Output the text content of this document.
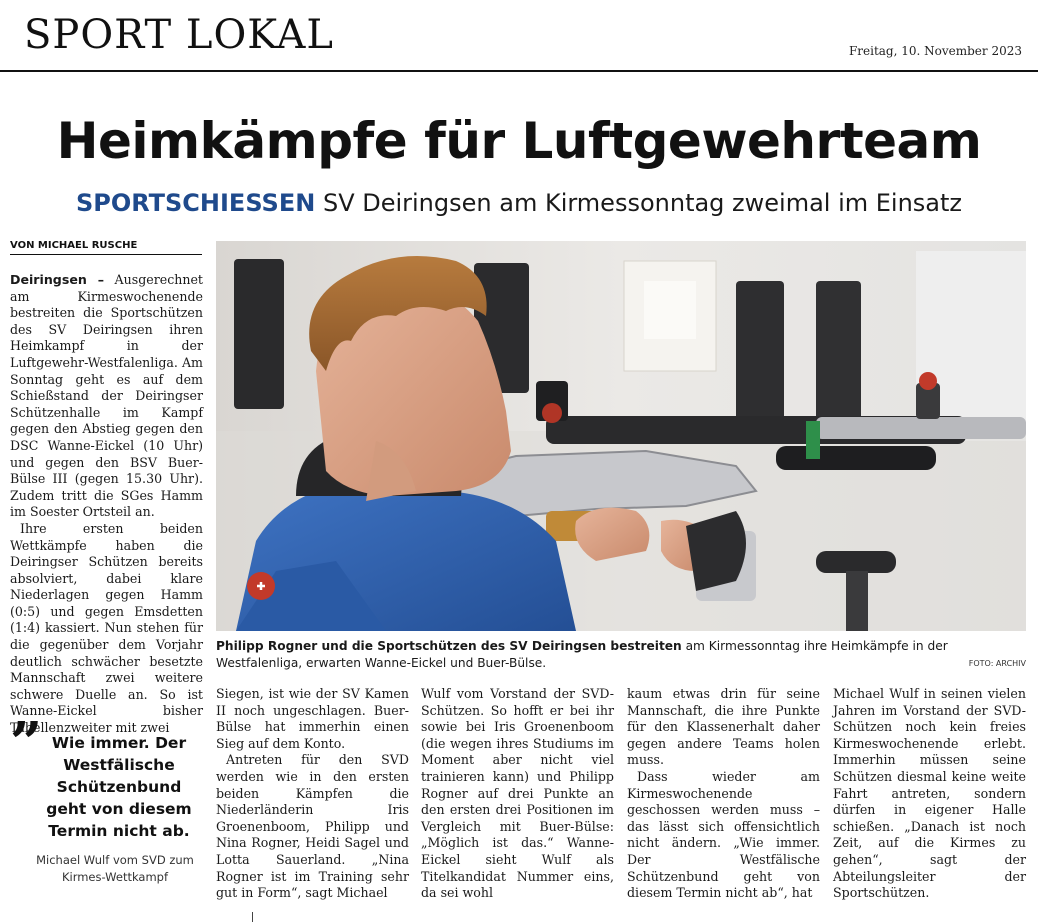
SPORT LOKAL	Freitag, 10. November 2023
Heimkämpfe für Luftgewehrteam
SPORTSCHIESSEN SV Deiringsen am Kirmessonntag zweimal im Einsatz
VON MICHAEL RUSCHE

Deiringsen – Ausgerechnet am Kirmeswochenende bestreiten die Sportschützen des SV Deiringsen ihren Heimkampf in der Luftgewehr-Westfalenliga. Am Sonntag geht es auf dem Schießstand der Deiringser Schützenhalle im Kampf gegen den Abstieg gegen den DSC Wanne-Eickel (10 Uhr) und gegen den BSV Buer-Bülse III (gegen 15.30 Uhr). Zudem tritt die SGes Hamm im Soester Ortsteil an.

Ihre ersten beiden Wettkämpfe haben die Deiringser Schützen bereits absolviert, dabei klare Niederlagen gegen Hamm (0:5) und gegen Emsdetten (1:4) kassiert. Nun stehen für die gegenüber dem Vorjahr deutlich schwächer besetzte Mannschaft zwei weitere schwere Duelle an. So ist Wanne-Eickel bisher Tabellenzweiter mit zwei

” Wie immer. Der Westfälische Schützenbund geht von diesem Termin nicht ab.
Michael Wulf vom SVD zum Kirmes-Wettkampf
Philipp Rogner und die Sportschützen des SV Deiringsen bestreiten am Kirmessonntag ihre Heimkämpfe in der Westfalenliga, erwarten Wanne-Eickel und Buer-Bülse.	FOTO: ARCHIV

Siegen, ist wie der SV Kamen II noch ungeschlagen. Buer-Bülse hat immerhin einen Sieg auf dem Konto.

Antreten für den SVD werden wie in den ersten beiden Kämpfen die Niederländerin Iris Groenenboom, Philipp und Nina Rogner, Heidi Sagel und Lotta Sauerland. „Nina Rogner ist im Training sehr gut in Form“, sagt Michael

Wulf vom Vorstand der SVD-Schützen. So hofft er bei ihr sowie bei Iris Groenenboom (die wegen ihres Studiums im Moment aber nicht viel trainieren kann) und Philipp Rogner auf drei Punkte an den ersten drei Positionen im Vergleich mit Buer-Bülse: „Möglich ist das.“ Wanne-Eickel sieht Wulf als Titelkandidat Nummer eins, da sei wohl

kaum etwas drin für seine Mannschaft, die ihre Punkte für den Klassenerhalt daher gegen andere Teams holen muss.

Dass wieder am Kirmeswochenende geschossen werden muss – das lässt sich offensichtlich nicht ändern. „Wie immer. Der Westfälische Schützenbund geht von diesem Termin nicht ab“, hat

Michael Wulf in seinen vielen Jahren im Vorstand der SVD-Schützen noch kein freies Kirmeswochenende erlebt. Immerhin müssen seine Schützen diesmal keine weite Fahrt antreten, sondern dürfen in eigener Halle schießen. „Danach ist noch Zeit, auf die Kirmes zu gehen“, sagt der Abteilungsleiter der Sportschützen.
